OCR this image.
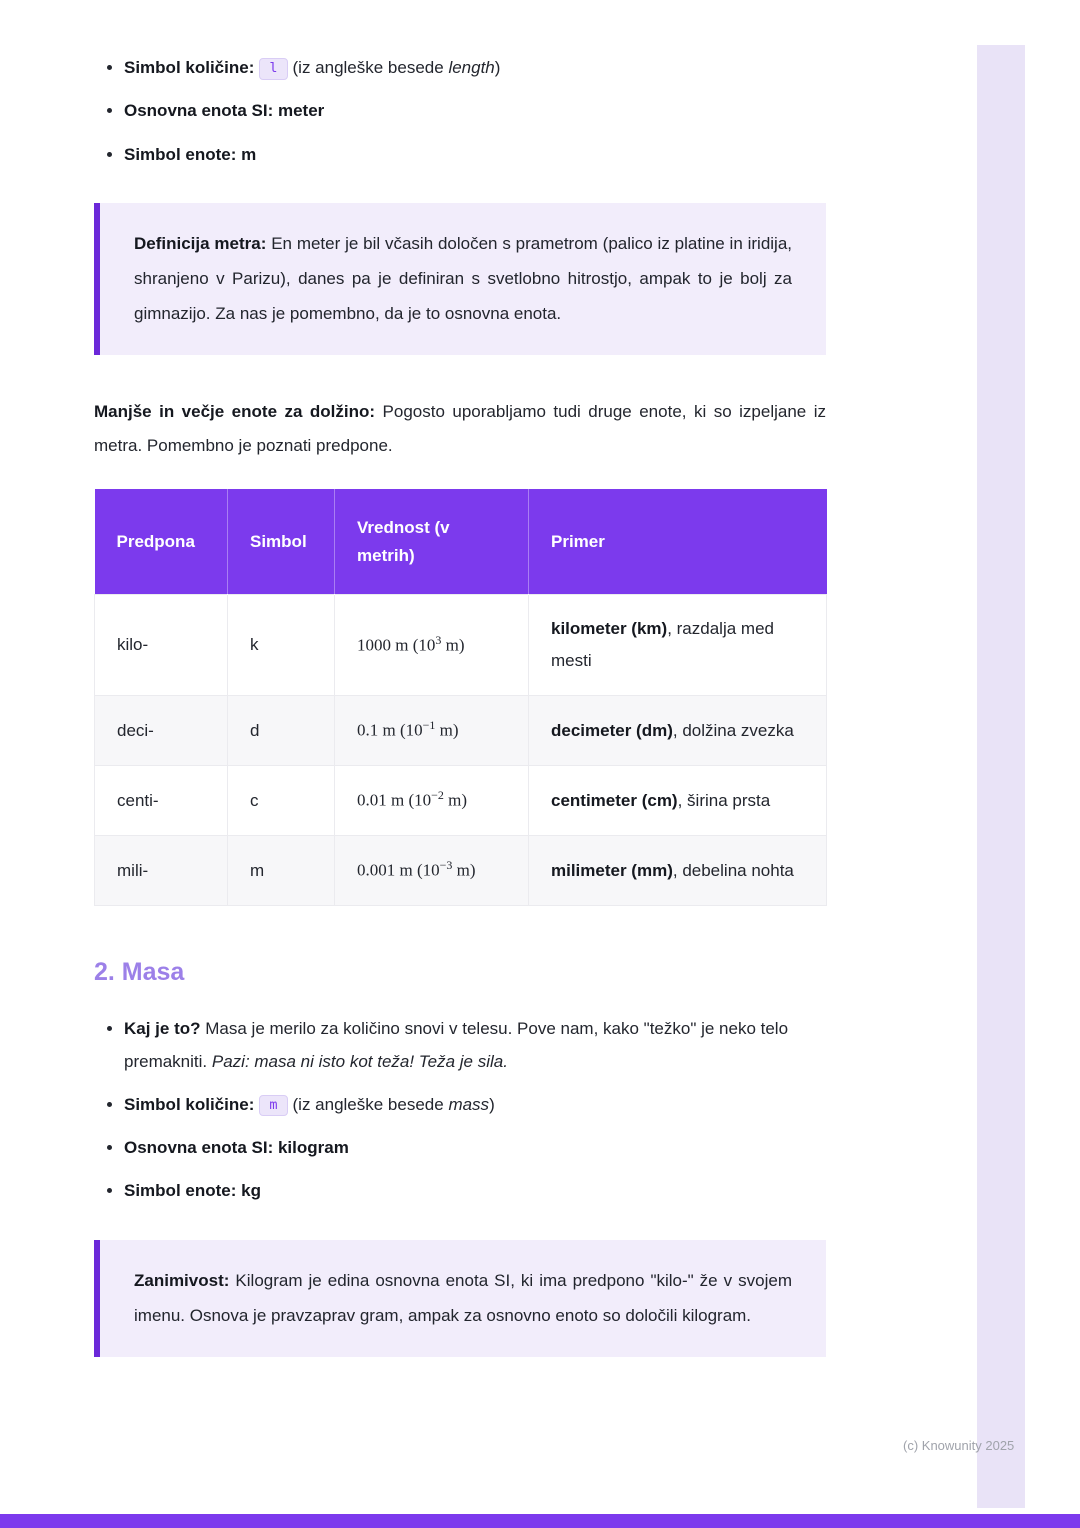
• Simbol količine: l (iz angleške besede length)
• Osnovna enota SI: meter
• Simbol enote: m
Definicija metra: En meter je bil včasih določen s prametrom (palico iz platine in iridija, shranjeno v Parizu), danes pa je definiran s svetlobno hitrostjo, ampak to je bolj za gimnazijo. Za nas je pomembno, da je to osnovna enota.

Manjše in večje enote za dolžino: Pogosto uporabljamo tudi druge enote, ki so izpeljane iz metra. Pomembno je poznati predpone.

Predpona	Simbol	Vrednost (v metrih)	Primer
kilo-	k	1000 m ($10^3$ m)	kilometer (km), razdalja med mesti
deci-	d	0.1 m ($10^{-1}$ m)	decimeter (dm), dolžina zvezka
centi-	c	0.01 m ($10^{-2}$ m)	centimeter (cm), širina prsta
mili-	m	0.001 m ($10^{-3}$ m)	milimeter (mm), debelina nohta
2. Masa
• Kaj je to? Masa je merilo za količino snovi v telesu. Pove nam, kako "težko" je neko telo premakniti. Pazi: masa ni isto kot teža! Teža je sila.
• Simbol količine: m (iz angleške besede mass)
• Osnovna enota SI: kilogram
• Simbol enote: kg
Zanimivost: Kilogram je edina osnovna enota SI, ki ima predpono "kilo-" že v svojem imenu. Osnova je pravzaprav gram, ampak za osnovno enoto so določili kilogram.
(c) Knowunity 2025
